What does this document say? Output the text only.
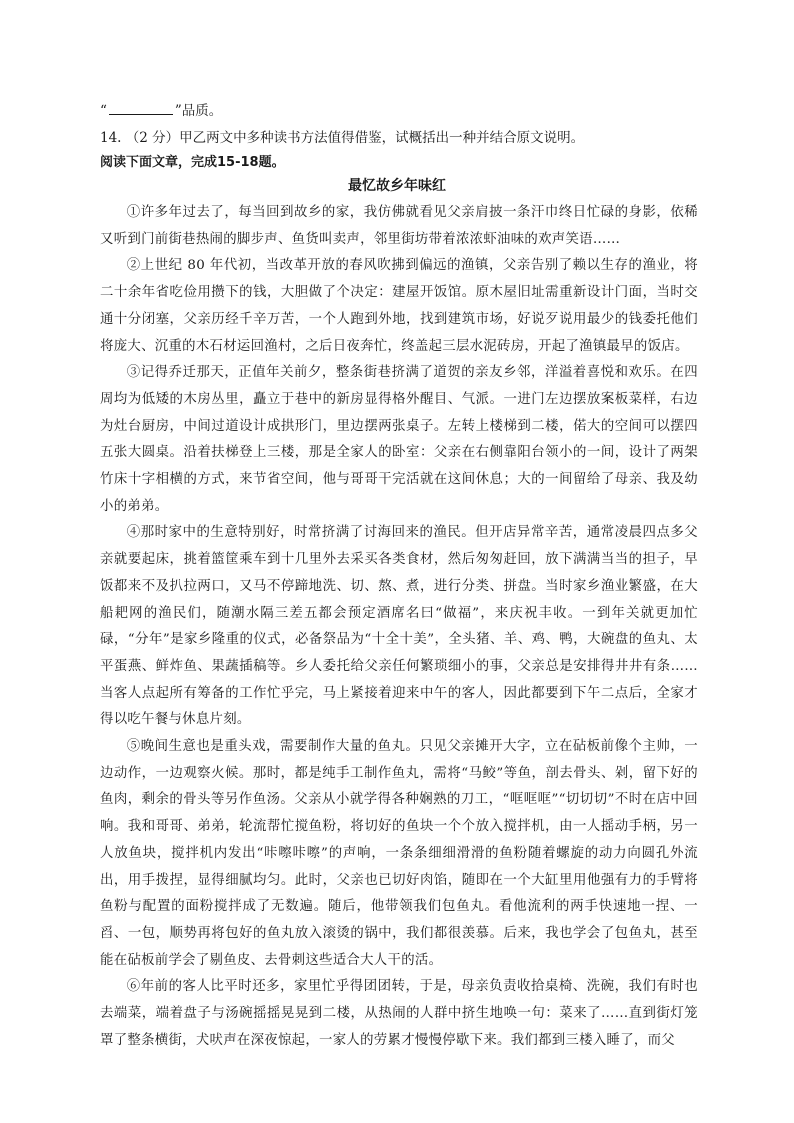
“	”品质。
14. （2 分）甲乙两文中多种读书方法值得借鉴，试概括出一种并结合原文说明。
阅读下面文章，完成15-18题。
最忆故乡年味红

①许多年过去了，每当回到故乡的家，我仿佛就看见父亲肩披一条汗巾终日忙碌的身影，依稀又听到门前街巷热闹的脚步声、鱼货叫卖声，邻里街坊带着浓浓虾油味的欢声笑语……

②上世纪 80 年代初，当改革开放的春风吹拂到偏远的渔镇，父亲告别了赖以生存的渔业，将二十余年省吃俭用攒下的钱，大胆做了个决定：建屋开饭馆。原木屋旧址需重新设计门面，当时交通十分闭塞，父亲历经千辛万苦，一个人跑到外地，找到建筑市场，好说歹说用最少的钱委托他们将庞大、沉重的木石材运回渔村，之后日夜奔忙，终盖起三层水泥砖房，开起了渔镇最早的饭店。

③记得乔迁那天，正值年关前夕，整条街巷挤满了道贺的亲友乡邻，洋溢着喜悦和欢乐。在四周均为低矮的木房丛里，矗立于巷中的新房显得格外醒目、气派。一进门左边摆放案板菜样，右边为灶台厨房，中间过道设计成拱形门，里边摆两张桌子。左转上楼梯到二楼，偌大的空间可以摆四五张大圆桌。沿着扶梯登上三楼，那是全家人的卧室：父亲在右侧靠阳台领小的一间，设计了两架竹床十字相横的方式，来节省空间，他与哥哥干完活就在这间休息；大的一间留给了母亲、我及幼小的弟弟。

④那时家中的生意特别好，时常挤满了讨海回来的渔民。但开店异常辛苦，通常凌晨四点多父亲就要起床，挑着篮筐乘车到十几里外去采买各类食材，然后匆匆赶回，放下满满当当的担子，早饭都来不及扒拉两口，又马不停蹄地洗、切、熬、煮，进行分类、拼盘。当时家乡渔业繁盛，在大船耙网的渔民们，随潮水隔三差五都会预定酒席名曰“做福”，来庆祝丰收。一到年关就更加忙碌，“分年”是家乡隆重的仪式，必备祭品为“十全十美”，全头猪、羊、鸡、鸭，大碗盘的鱼丸、太平蛋燕、鲜炸鱼、果蔬插稿等。乡人委托给父亲任何繁琐细小的事，父亲总是安排得井井有条……当客人点起所有筹备的工作忙乎完，马上紧接着迎来中午的客人，因此都要到下午二点后，全家才得以吃午餐与休息片刻。

⑤晚间生意也是重头戏，需要制作大量的鱼丸。只见父亲摊开大字，立在砧板前像个主帅，一边动作，一边观察火候。那时，都是纯手工制作鱼丸，需将“马鲛”等鱼，剖去骨头、剁，留下好的鱼肉，剩余的骨头等另作鱼汤。父亲从小就学得各种娴熟的刀工，“哐哐哐”“切切切”不时在店中回响。我和哥哥、弟弟，轮流帮忙搅鱼粉，将切好的鱼块一个个放入搅拌机，由一人摇动手柄，另一人放鱼块，搅拌机内发出“咔嚓咔嚓”的声响，一条条细细滑滑的鱼粉随着螺旋的动力向圆孔外流出，用手拨捏，显得细腻均匀。此时，父亲也已切好肉馅，随即在一个大缸里用他强有力的手臂将鱼粉与配置的面粉搅拌成了无数遍。随后，他带领我们包鱼丸。看他流利的两手快速地一捏、一舀、一包，顺势再将包好的鱼丸放入滚烫的锅中，我们都很羡慕。后来，我也学会了包鱼丸，甚至能在砧板前学会了剔鱼皮、去骨刺这些适合大人干的活。

⑥年前的客人比平时还多，家里忙乎得团团转，于是，母亲负责收拾桌椅、洗碗，我们有时也去端菜，端着盘子与汤碗摇摇晃晃到二楼，从热闹的人群中挤生地唤一句：菜来了……直到街灯笼罩了整条横街，犬吠声在深夜惊起，一家人的劳累才慢慢停歇下来。我们都到三楼入睡了，而父
